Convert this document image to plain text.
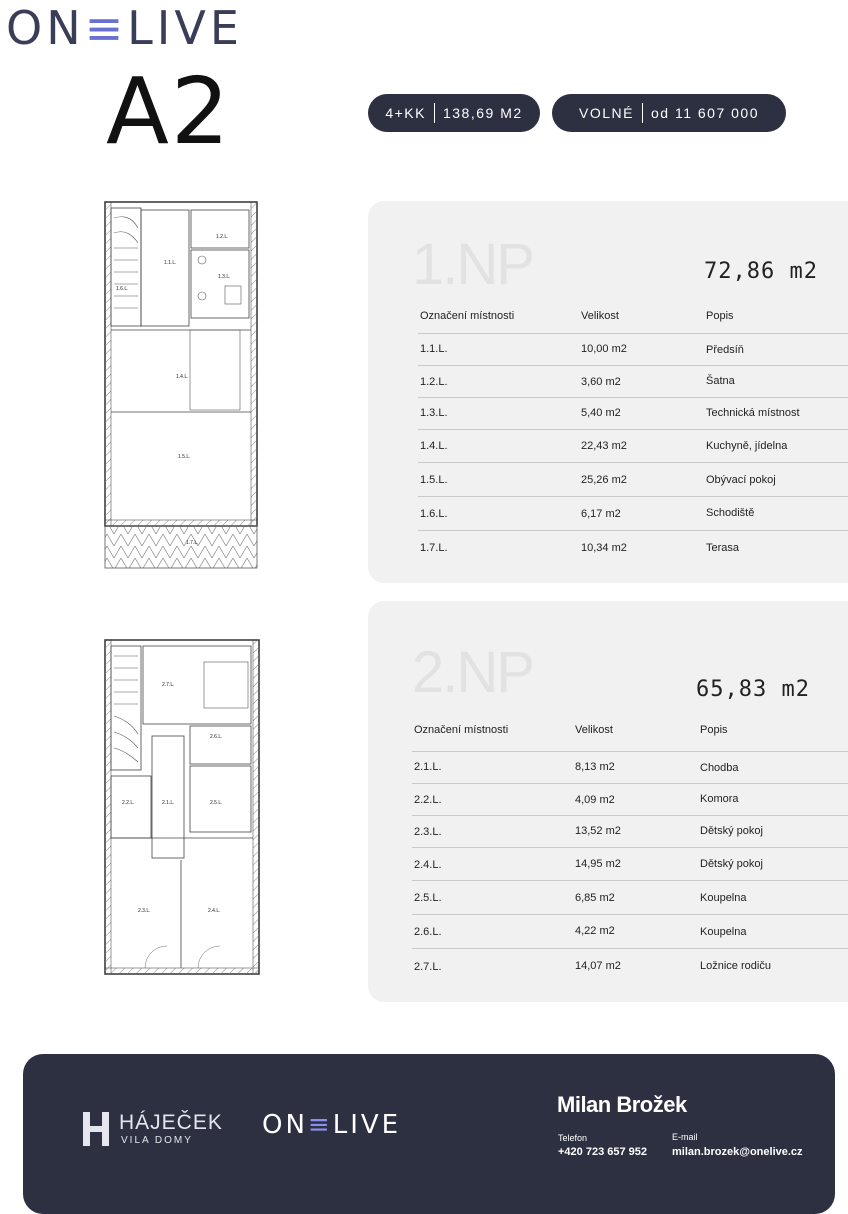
ON≡LIVE
A2	4+KK 138,69 M2	VOLNÉ od 11 607 000
1.1.L.
1.2.L.
1.3.L.
1.4.L.
1.5.L.
1.6.L.
1.7.L.
2.1.L.
2.2.L.
2.3.L.	2.4.L.
2.5.L.
2.6.L.
2.7.L.
1.NP	72,86 m2
Označení místnosti	Velikost	Popis
1.1.L.	10,00 m2	Předsíň
1.2.L.	3,60 m2	Šatna
1.3.L.	5,40 m2	Technická místnost
1.4.L.	22,43 m2	Kuchyně, jídelna
1.5.L.	25,26 m2	Obývací pokoj
1.6.L.	6,17 m2	Schodiště
1.7.L.	10,34 m2	Terasa
2.NP	65,83 m2
Označení místnosti	Velikost	Popis
2.1.L.	8,13 m2	Chodba
2.2.L.	4,09 m2	Komora
2.3.L.	13,52 m2	Dětský pokoj
2.4.L.	14,95 m2	Dětský pokoj
2.5.L.	6,85 m2	Koupelna
2.6.L.	4,22 m2	Koupelna
2.7.L.	14,07 m2	Ložnice rodiču
HÁJEČEK
VILA DOMY
ON≡LIVE
Milan Brožek
Telefon
+420 723 657 952
E-mail
milan.brozek@onelive.cz
